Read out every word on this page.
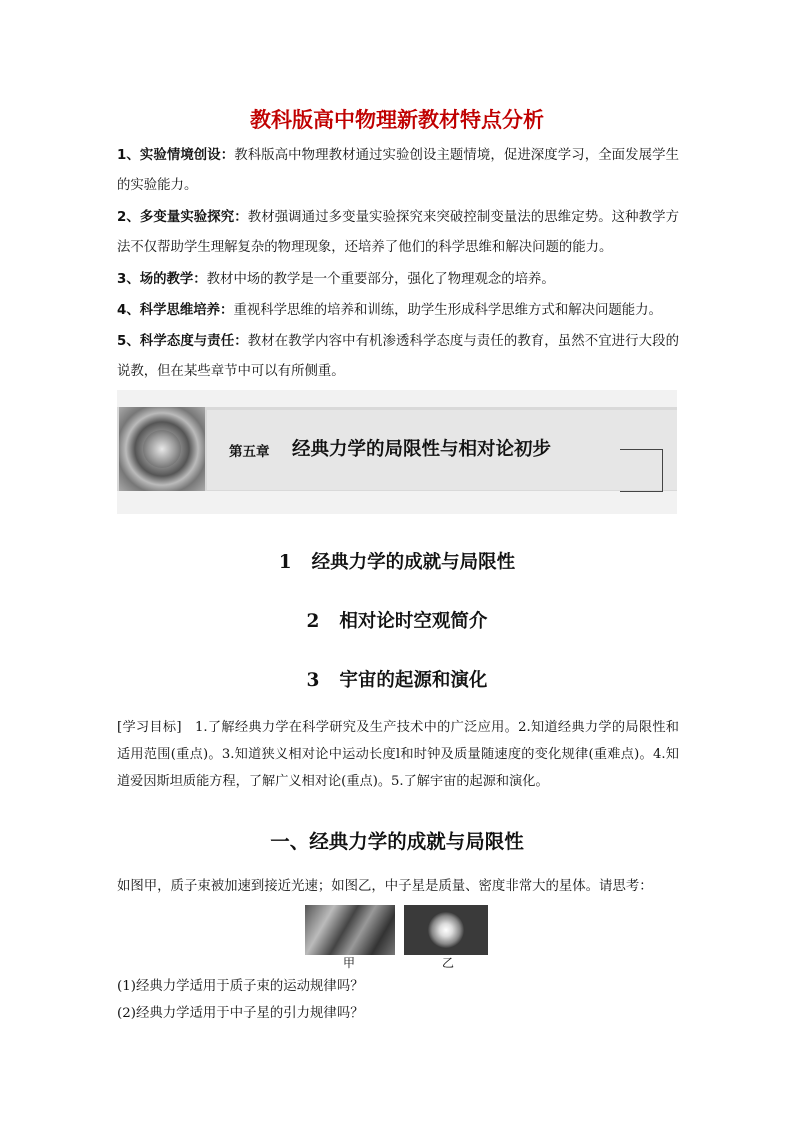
教科版高中物理新教材特点分析
1、实验情境创设：教科版高中物理教材通过实验创设主题情境，促进深度学习，全面发展学生的实验能力。
2、多变量实验探究：教材强调通过多变量实验探究来突破控制变量法的思维定势。这种教学方法不仅帮助学生理解复杂的物理现象，还培养了他们的科学思维和解决问题的能力。
3、场的教学：教材中场的教学是一个重要部分，强化了物理观念的培养。
4、科学思维培养：重视科学思维的培养和训练，助学生形成科学思维方式和解决问题能力。
5、科学态度与责任：教材在教学内容中有机渗透科学态度与责任的教育，虽然不宜进行大段的说教，但在某些章节中可以有所侧重。
第五章 经典力学的局限性与相对论初步
1 经典力学的成就与局限性
2 相对论时空观简介
3 宇宙的起源和演化
[学习目标] 1.了解经典力学在科学研究及生产技术中的广泛应用。2.知道经典力学的局限性和适用范围(重点)。3.知道狭义相对论中运动长度l和时钟及质量随速度的变化规律(重难点)。4.知道爱因斯坦质能方程，了解广义相对论(重点)。5.了解宇宙的起源和演化。
一、经典力学的成就与局限性
如图甲，质子束被加速到接近光速；如图乙，中子星是质量、密度非常大的星体。请思考：
甲	乙
(1)经典力学适用于质子束的运动规律吗？
(2)经典力学适用于中子星的引力规律吗？
